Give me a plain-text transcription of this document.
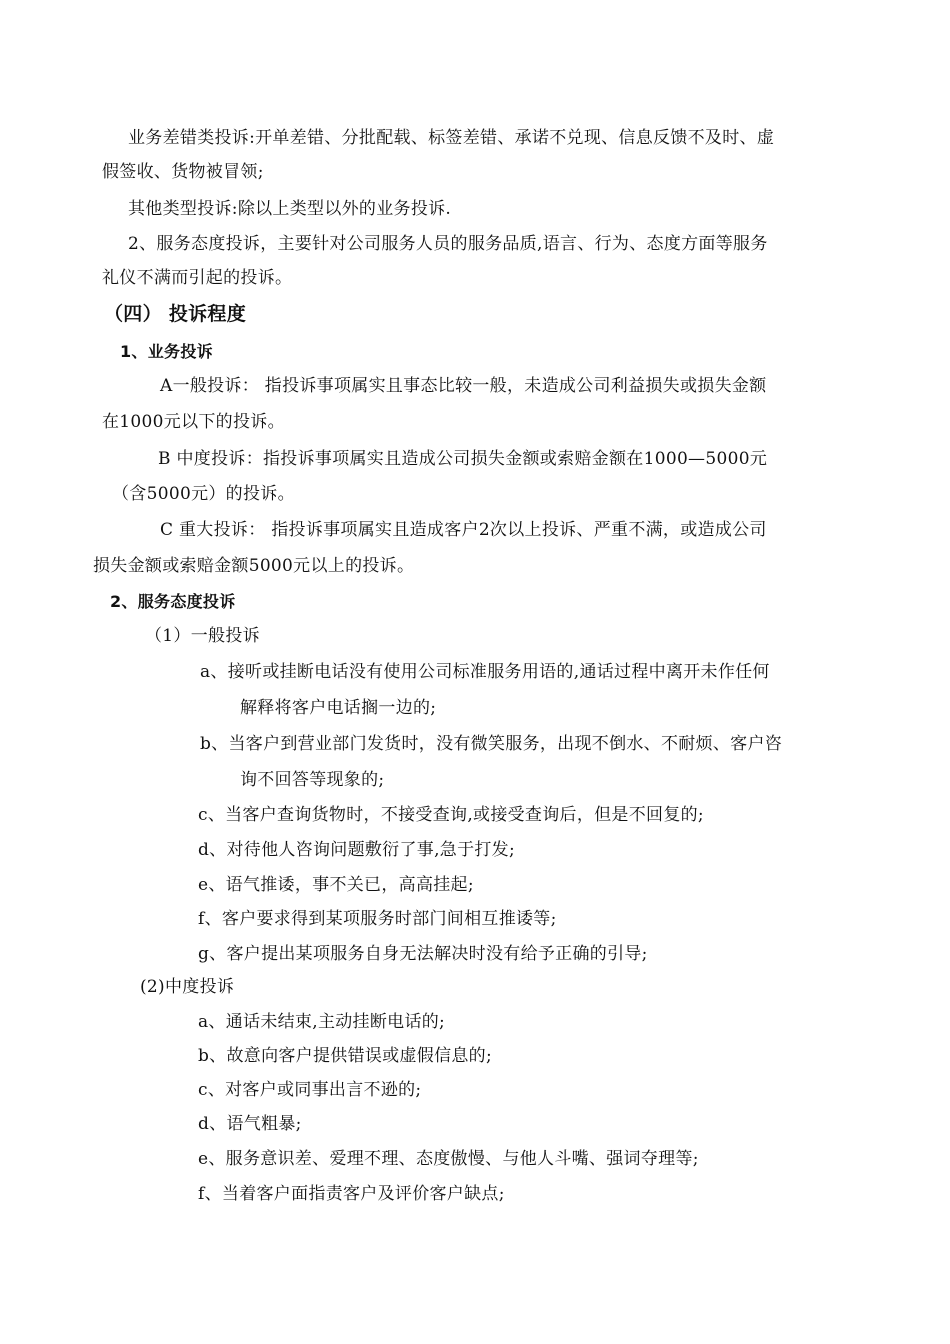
业务差错类投诉:开单差错、分批配载、标签差错、承诺不兑现、信息反馈不及时、虚
假签收、货物被冒领;
其他类型投诉:除以上类型以外的业务投诉.
2、服务态度投诉，主要针对公司服务人员的服务品质,语言、行为、态度方面等服务
礼仪不满而引起的投诉。
（四） 投诉程度
1、业务投诉
A一般投诉： 指投诉事项属实且事态比较一般，未造成公司利益损失或损失金额
在1000元以下的投诉。
B 中度投诉：指投诉事项属实且造成公司损失金额或索赔金额在1000—5000元
（含5000元）的投诉。
C 重大投诉： 指投诉事项属实且造成客户2次以上投诉、严重不满，或造成公司
损失金额或索赔金额5000元以上的投诉。
2、服务态度投诉
（1）一般投诉
a、接听或挂断电话没有使用公司标准服务用语的,通话过程中离开未作任何
解释将客户电话搁一边的;
b、当客户到营业部门发货时，没有微笑服务，出现不倒水、不耐烦、客户咨
询不回答等现象的;
c、当客户查询货物时，不接受查询,或接受查询后，但是不回复的;
d、对待他人咨询问题敷衍了事,急于打发;
e、语气推诿，事不关已，高高挂起;
f、客户要求得到某项服务时部门间相互推诿等;
g、客户提出某项服务自身无法解决时没有给予正确的引导;
(2)中度投诉
a、通话未结束,主动挂断电话的;
b、故意向客户提供错误或虚假信息的;
c、对客户或同事出言不逊的;
d、语气粗暴;
e、服务意识差、爱理不理、态度傲慢、与他人斗嘴、强词夺理等;
f、当着客户面指责客户及评价客户缺点;
